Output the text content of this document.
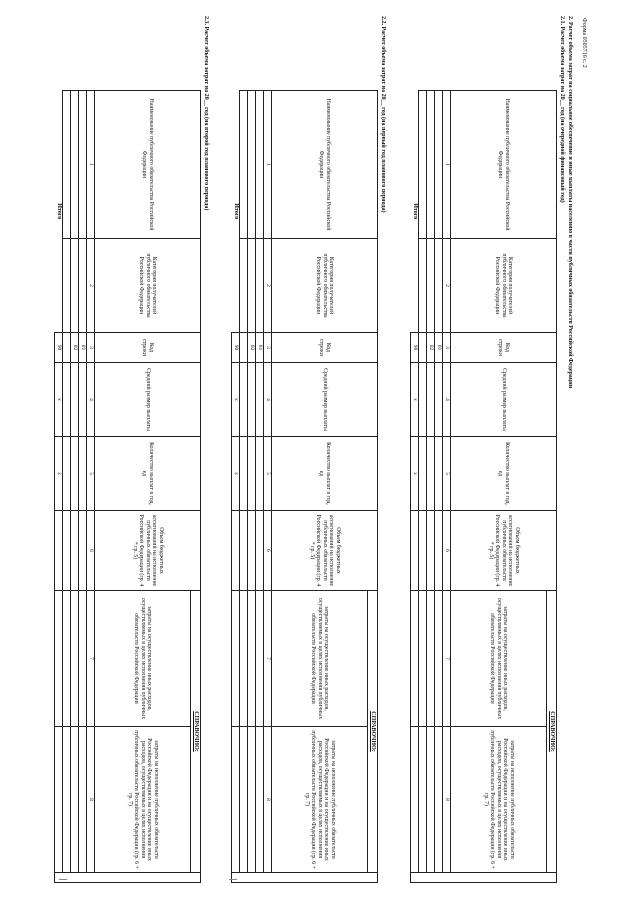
Форма 0505716 с. 2
2. Расчет объема затрат на социальное обеспечение и иные выплаты населению в части публичных обязательств Российской Федерации
2.1. Расчет объема затрат на 20__ год (на очередной финансовый год)
Наименование публичного обязательства Российской Федерации	Категория получателей публичного обязательства Российской Федерации	Код строки	Средний размер выплаты	Количество выплат в год, ед	Объем бюджетных ассигнований на исполнение публичных обязательств Российской Федерации (гр. 4 * гр. 5)	СПРАВОЧНО:		
						затраты на осуществление иных расходов, осуществляемых в целях исполнения публичных обязательств Российской Федерации	затраты на исполнение публичных обязательств Российской Федерации и на осуществление иных расходов, осуществляемых в целях исполнения публичных обязательств Российской Федерации (гр. 6 + гр. 7)	
1	2	3	4	5	6	7	8	
		01						
		02						

Итого		90	x	x				
2.2. Расчет объема затрат на 20__ год (на первый год планового периода)
Наименование публичного обязательства Российской Федерации	Категория получателей публичного обязательства Российской Федерации	Код строки	Средний размер выплаты	Количество выплат в год, ед	Объем бюджетных ассигнований на исполнение публичных обязательств Российской Федерации (гр. 4 * гр. 5)	СПРАВОЧНО:		
						затраты на осуществление иных расходов, осуществляемых в целях исполнения публичных обязательств Российской Федерации	затраты на исполнение публичных обязательств Российской Федерации и на осуществление иных расходов, осуществляемых в целях исполнения публичных обязательств Российской Федерации (гр. 6 + гр. 7)	
1	2	3	4	5	6	7	8	
		01						
		02						

Итого		90	x	x				
2.3. Расчет объема затрат на 20__ год (на второй год планового периода)
Наименование публичного обязательства Российской Федерации	Категория получателей публичного обязательства Российской Федерации	Код строки	Средний размер выплаты	Количество выплат в год, ед	Объем бюджетных ассигнований на исполнение публичных обязательств Российской Федерации (гр. 4 * гр. 5)	СПРАВОЧНО:		
						затраты на осуществление иных расходов, осуществляемых в целях исполнения публичных обязательств Российской Федерации	затраты на исполнение публичных обязательств Российской Федерации и на осуществление иных расходов, осуществляемых в целях исполнения публичных обязательств Российской Федерации (гр. 6 + гр. 7)	
1	2	3	4	5	6	7	8	
		01						
		02						

Итого		90	x	x				
